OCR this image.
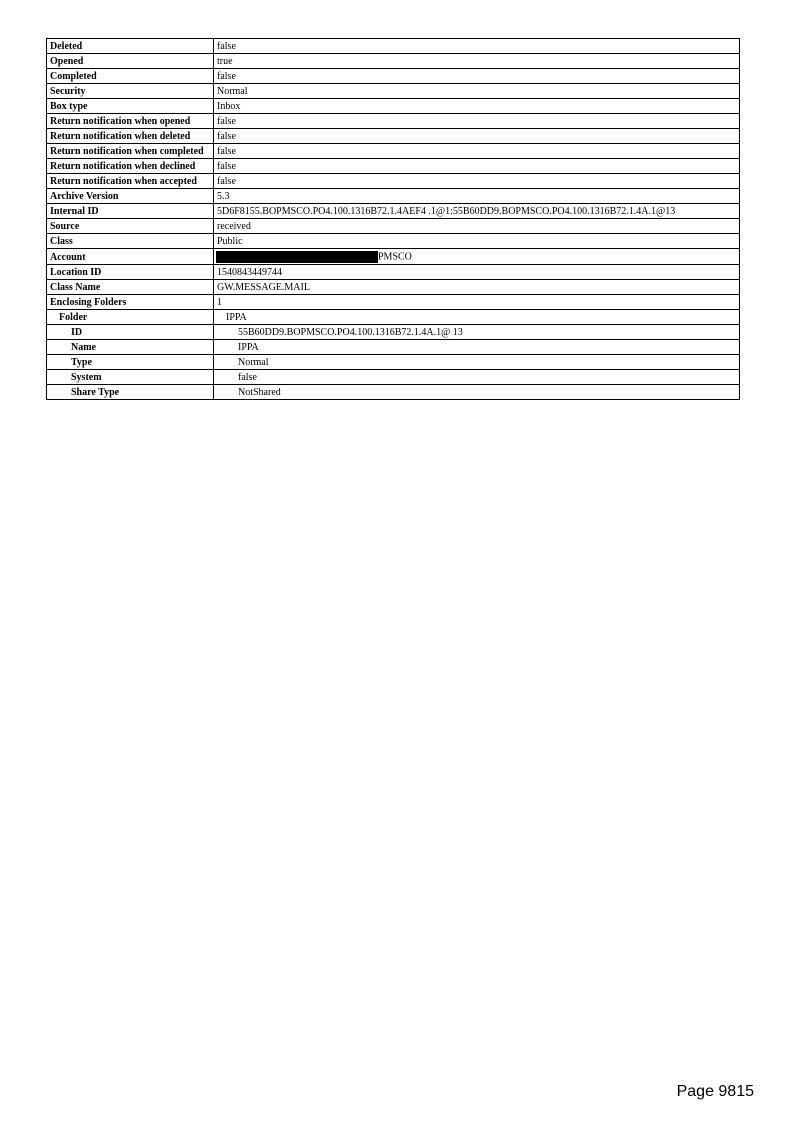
Deleted	false
Opened	true
Completed	false
Security	Normal
Box type	Inbox
Return notification when opened	false
Return notification when deleted	false
Return notification when completed	false
Return notification when declined	false
Return notification when accepted	false
Archive Version	5.3
Internal ID	5D6F8155.BOPMSCO.PO4.100.1316B72.1.4AEF4 .1@1:55B60DD9.BOPMSCO.PO4.100.1316B72.1.4A.1@13
Source	received
Class	Public
Account	PMSCO
Location ID	1540843449744
Class Name	GW.MESSAGE.MAIL
Enclosing Folders	1
Folder	IPPA
ID	55B60DD9.BOPMSCO.PO4.100.1316B72.1.4A.1@ 13
Name	IPPA
Type	Normal
System	false
Share Type	NotShared
Page 9815
